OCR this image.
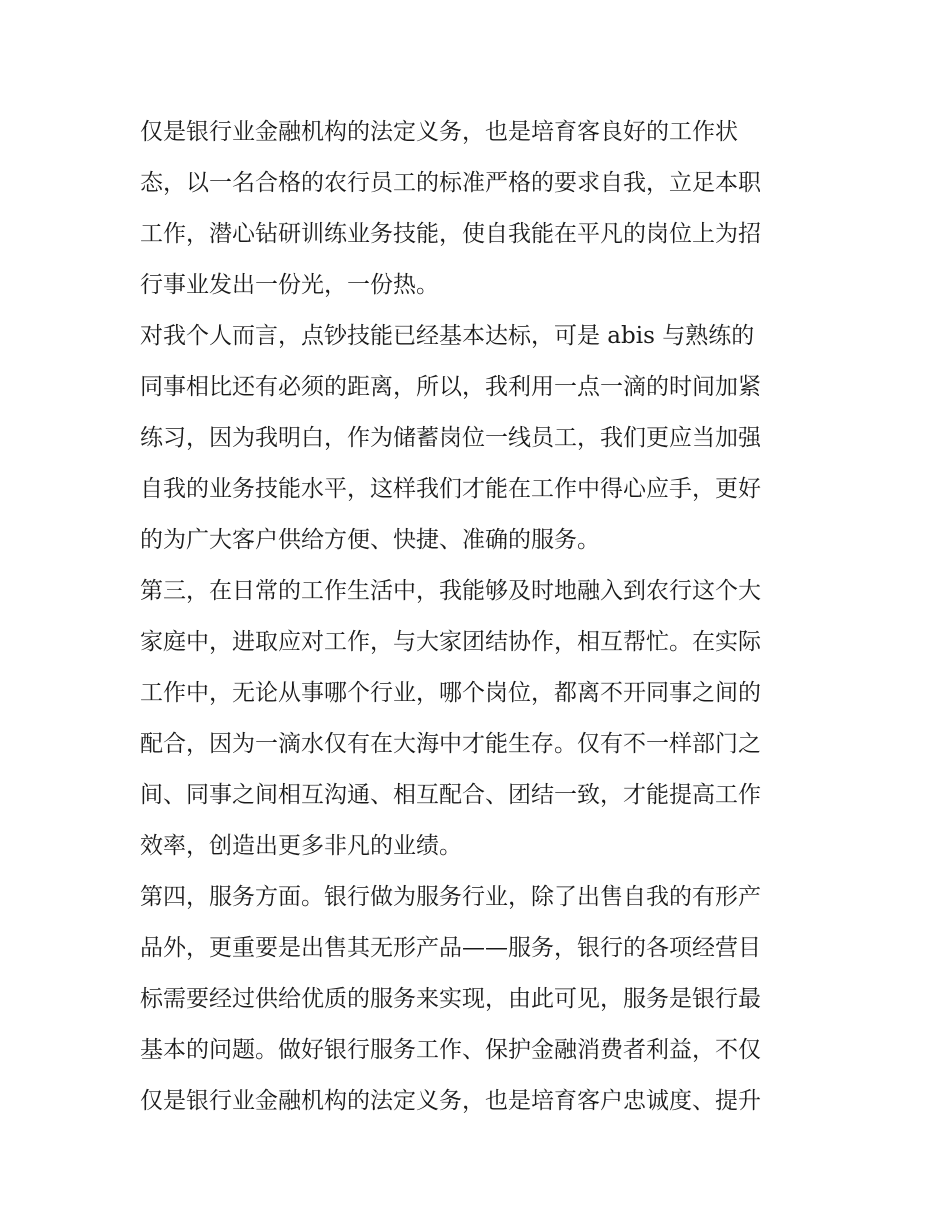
仅是银行业金融机构的法定义务，也是培育客良好的工作状
态，以一名合格的农行员工的标准严格的要求自我，立足本职
工作，潜心钻研训练业务技能，使自我能在平凡的岗位上为招
行事业发出一份光，一份热。
对我个人而言，点钞技能已经基本达标，可是 abis 与熟练的
同事相比还有必须的距离，所以，我利用一点一滴的时间加紧
练习，因为我明白，作为储蓄岗位一线员工，我们更应当加强
自我的业务技能水平，这样我们才能在工作中得心应手，更好
的为广大客户供给方便、快捷、准确的服务。
第三，在日常的工作生活中，我能够及时地融入到农行这个大
家庭中，进取应对工作，与大家团结协作，相互帮忙。在实际
工作中，无论从事哪个行业，哪个岗位，都离不开同事之间的
配合，因为一滴水仅有在大海中才能生存。仅有不一样部门之
间、同事之间相互沟通、相互配合、团结一致，才能提高工作
效率，创造出更多非凡的业绩。
第四，服务方面。银行做为服务行业，除了出售自我的有形产
品外，更重要是出售其无形产品——服务，银行的各项经营目
标需要经过供给优质的服务来实现，由此可见，服务是银行最
基本的问题。做好银行服务工作、保护金融消费者利益，不仅
仅是银行业金融机构的法定义务，也是培育客户忠诚度、提升
